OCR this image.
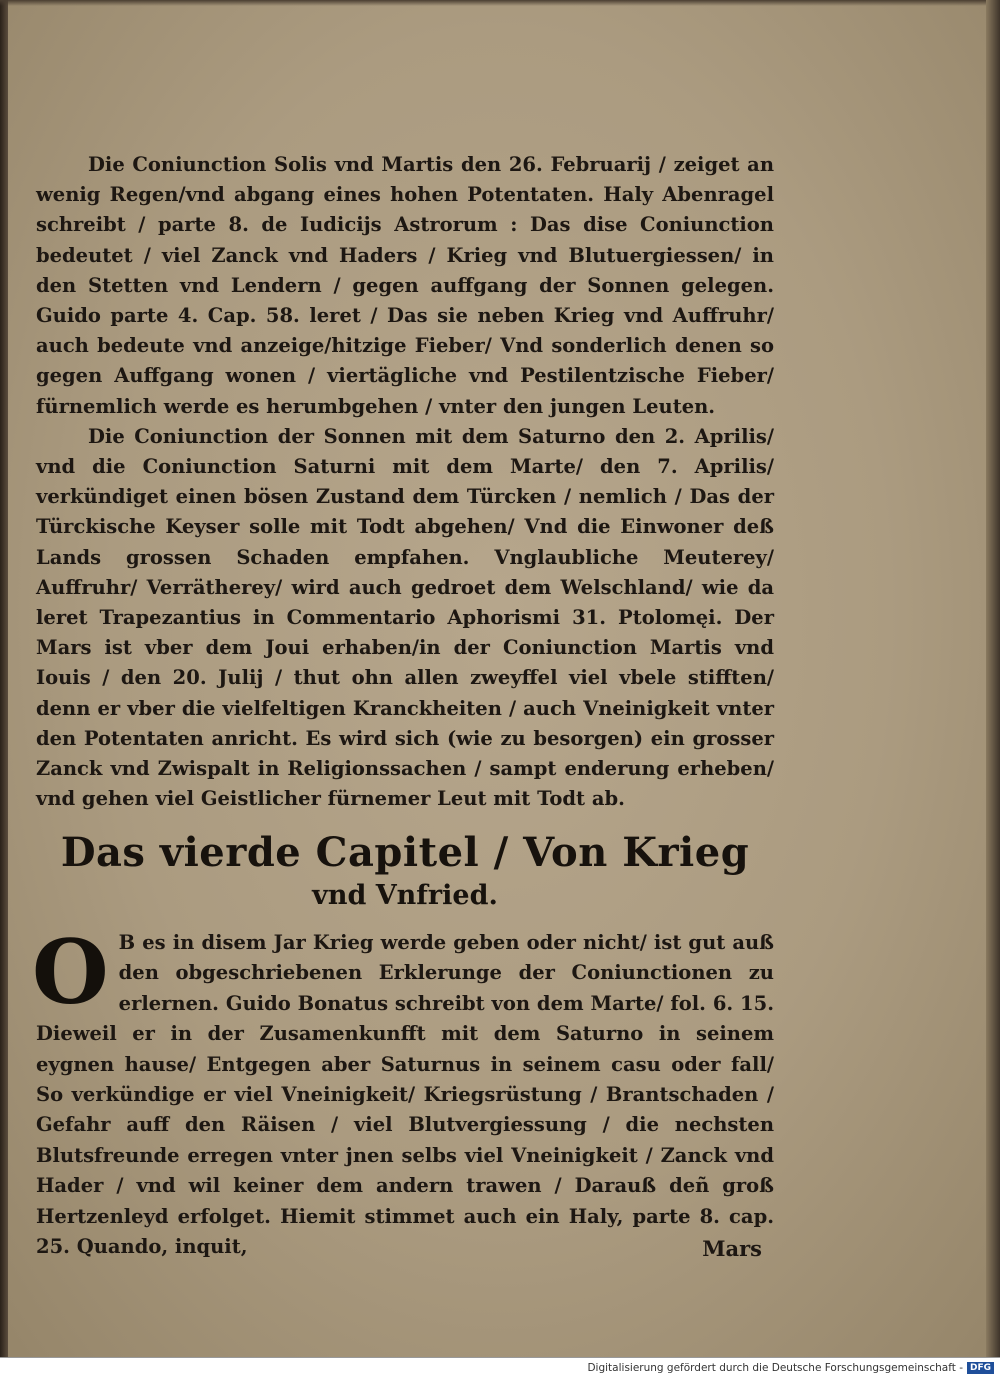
Die Coniunction Solis vnd Martis den 26. Februarij / zeiget an wenig Regen/vnd abgang eines hohen Potentaten. Haly Abenragel schreibt / parte 8. de Iudicijs Astrorum : Das dise Coniunction bedeutet / viel Zanck vnd Haders / Krieg vnd Blutuergiessen/ in den Stetten vnd Lendern / gegen auffgang der Sonnen gelegen. Guido parte 4. Cap. 58. leret / Das sie neben Krieg vnd Auffruhr/ auch bedeute vnd anzeige/hitzige Fieber/ Vnd sonderlich denen so gegen Auffgang wonen / viertägliche vnd Pestilentzische Fieber/ fürnemlich werde es herumbgehen / vnter den jungen Leuten.

Die Coniunction der Sonnen mit dem Saturno den 2. Aprilis/ vnd die Coniunction Saturni mit dem Marte/ den 7. Aprilis/ verkündiget einen bösen Zustand dem Türcken / nemlich / Das der Türckische Keyser solle mit Todt abgehen/ Vnd die Einwoner deß Lands grossen Schaden empfahen. Vnglaubliche Meuterey/ Auffruhr/ Verrätherey/ wird auch gedroet dem Welschland/ wie da leret Trapezantius in Commentario Aphorismi 31. Ptolomęi. Der Mars ist vber dem Joui erhaben/in der Coniunction Martis vnd Iouis / den 20. Julij / thut ohn allen zweyffel viel vbele stifften/ denn er vber die vielfeltigen Kranckheiten / auch Vneinigkeit vnter den Potentaten anricht. Es wird sich (wie zu besorgen) ein grosser Zanck vnd Zwispalt in Religionssachen / sampt enderung erheben/ vnd gehen viel Geistlicher fürnemer Leut mit Todt ab.

Das vierde Capitel / Von Krieg
vnd Vnfried.

O B es in disem Jar Krieg werde geben oder nicht/ ist gut auß den obgeschriebenen Erklerunge der Coniunctionen zu erlernen. Guido Bonatus schreibt von dem Marte/ fol. 6. 15. Dieweil er in der Zusamenkunfft mit dem Saturno in seinem eygnen hause/ Entgegen aber Saturnus in seinem casu oder fall/ So verkündige er viel Vneinigkeit/ Kriegsrüstung / Brantschaden / Gefahr auff den Räisen / viel Blutvergiessung / die nechsten Blutsfreunde erregen vnter jnen selbs viel Vneinigkeit / Zanck vnd Hader / vnd wil keiner dem andern trawen / Darauß deñ groß Hertzenleyd erfolget. Hiemit stimmet auch ein Haly, parte 8. cap. 25. Quando, inquit,	Mars
Digitalisierung gefördert durch die Deutsche Forschungsgemeinschaft - DFG
